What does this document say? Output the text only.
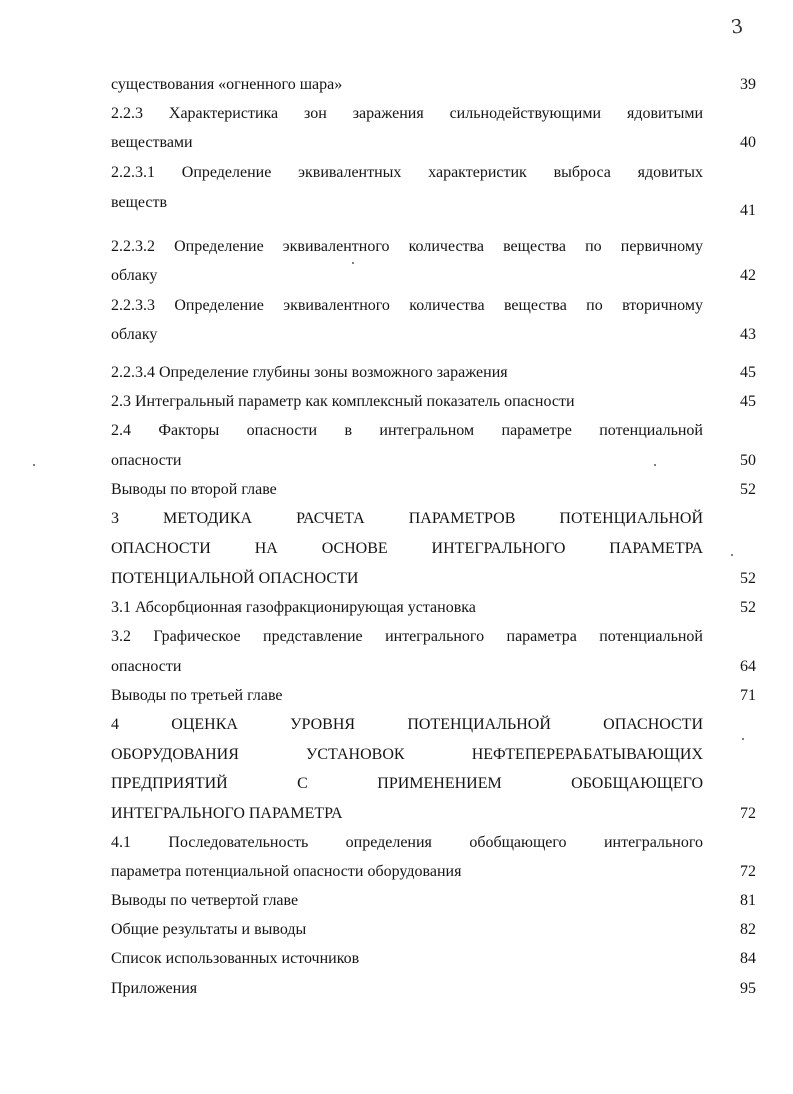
3
существования «огненного шара»	39
2.2.3 Характеристика зон заражения сильнодействующими ядовитыми
веществами	40
2.2.3.1 Определение эквивалентных характеристик выброса ядовитых
веществ	41
2.2.3.2 Определение эквивалентного количества вещества по первичному
облаку	42
2.2.3.3 Определение эквивалентного количества вещества по вторичному
облаку	43
2.2.3.4 Определение глубины зоны возможного заражения	45
2.3 Интегральный параметр как комплексный показатель опасности	45
2.4 Факторы опасности в интегральном параметре потенциальной
опасности	50
Выводы по второй главе	52
3 МЕТОДИКА РАСЧЕТА ПАРАМЕТРОВ ПОТЕНЦИАЛЬНОЙ
ОПАСНОСТИ НА ОСНОВЕ ИНТЕГРАЛЬНОГО ПАРАМЕТРА
ПОТЕНЦИАЛЬНОЙ ОПАСНОСТИ	52
3.1 Абсорбционная газофракционирующая установка	52
3.2 Графическое представление интегрального параметра потенциальной
опасности	64
Выводы по третьей главе	71
4 ОЦЕНКА УРОВНЯ ПОТЕНЦИАЛЬНОЙ ОПАСНОСТИ
ОБОРУДОВАНИЯ УСТАНОВОК НЕФТЕПЕРЕРАБАТЫВАЮЩИХ
ПРЕДПРИЯТИЙ С ПРИМЕНЕНИЕМ ОБОБЩАЮЩЕГО
ИНТЕГРАЛЬНОГО ПАРАМЕТРА	72
4.1 Последовательность определения обобщающего интегрального
параметра потенциальной опасности оборудования	72
Выводы по четвертой главе	81
Общие результаты и выводы	82
Список использованных источников	84
Приложения	95
